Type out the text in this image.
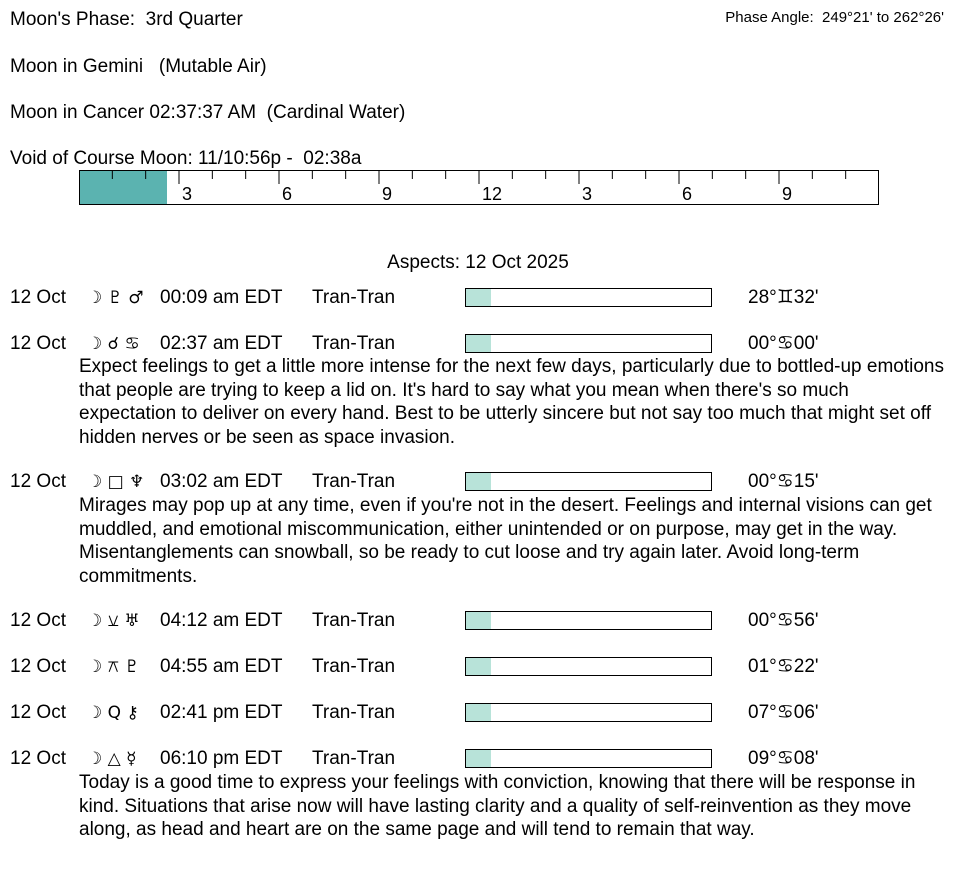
Moon's Phase:  3rd Quarter	Phase Angle:  249°21' to 262°26'
Moon in Gemini   (Mutable Air)
Moon in Cancer 02:37:37 AM  (Cardinal Water)
Void of Course Moon: 11/10:56p -  02:38a
3	6	9	12	3	6	9
Aspects: 12 Oct 2025
12 Oct ☽ ♇ ♂ 00:09 am EDT Tran-Tran	28°♊32'
12 Oct ☽ ☌ ♋ 02:37 am EDT Tran-Tran	00°♋00'
Expect feelings to get a little more intense for the next few days, particularly due to bottled-up emotions that people are trying to keep a lid on. It's hard to say what you mean when there's so much expectation to deliver on every hand. Best to be utterly sincere but not say too much that might set off hidden nerves or be seen as space invasion.
12 Oct ☽ □ ♆ 03:02 am EDT Tran-Tran	00°♋15'
Mirages may pop up at any time, even if you're not in the desert. Feelings and internal visions can get muddled, and emotional miscommunication, either unintended or on purpose, may get in the way. Misentanglements can snowball, so be ready to cut loose and try again later. Avoid long-term commitments.
12 Oct ☽ ⚺ ♅ 04:12 am EDT Tran-Tran	00°♋56'
12 Oct ☽ ⚻ ♇ 04:55 am EDT Tran-Tran	01°♋22'
12 Oct ☽ Q ⚷ 02:41 pm EDT Tran-Tran	07°♋06'
12 Oct ☽ △ ☿ 06:10 pm EDT Tran-Tran	09°♋08'
Today is a good time to express your feelings with conviction, knowing that there will be response in kind. Situations that arise now will have lasting clarity and a quality of self-reinvention as they move along, as head and heart are on the same page and will tend to remain that way.
